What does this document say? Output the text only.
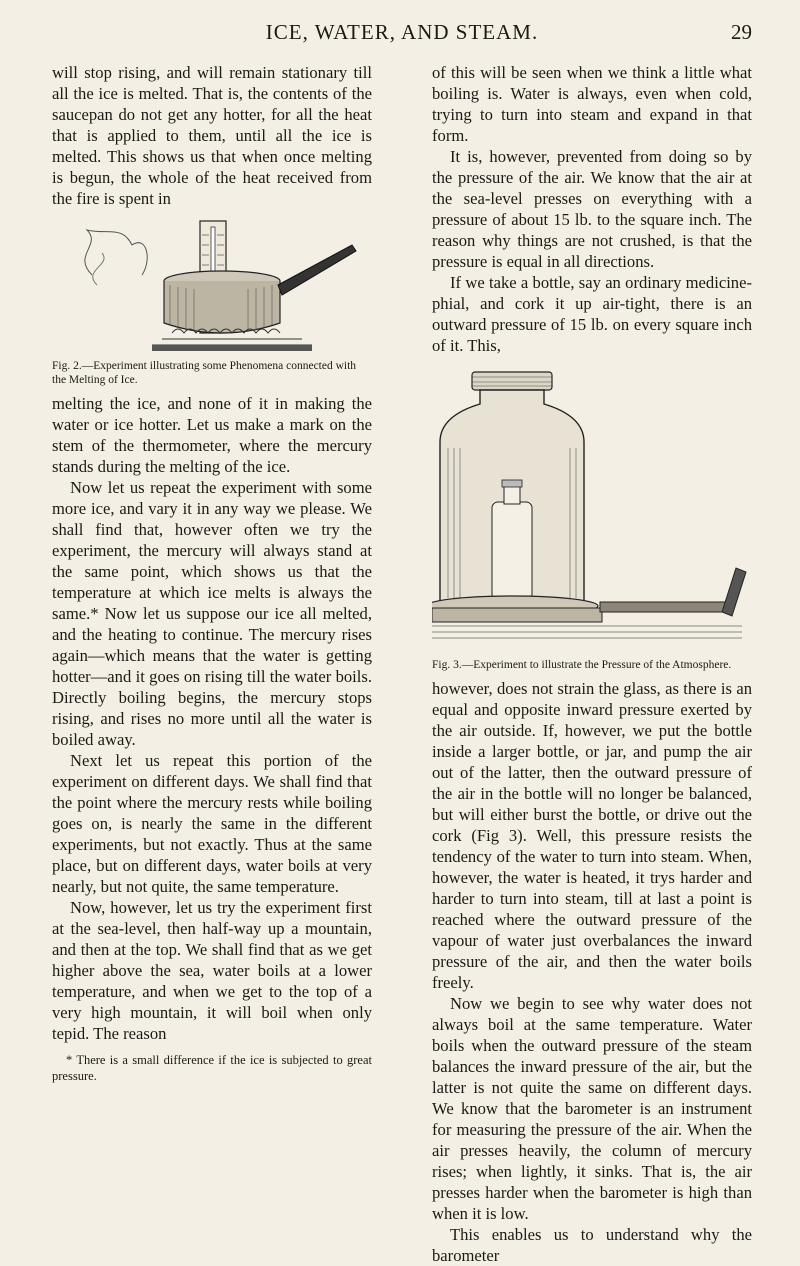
ICE, WATER, AND STEAM.	29

will stop rising, and will remain stationary till all the ice is melted. That is, the contents of the saucepan do not get any hotter, for all the heat that is applied to them, until all the ice is melted. This shows us that when once melting is begun, the whole of the heat received from the fire is spent in

Fig. 2.—Experiment illustrating some Phenomena connected with the Melting of Ice.

melting the ice, and none of it in making the water or ice hotter. Let us make a mark on the stem of the thermometer, where the mercury stands during the melting of the ice.

Now let us repeat the experiment with some more ice, and vary it in any way we please. We shall find that, however often we try the experiment, the mercury will always stand at the same point, which shows us that the temperature at which ice melts is always the same.* Now let us suppose our ice all melted, and the heating to continue. The mercury rises again—which means that the water is getting hotter—and it goes on rising till the water boils. Directly boiling begins, the mercury stops rising, and rises no more until all the water is boiled away.

Next let us repeat this portion of the experiment on different days. We shall find that the point where the mercury rests while boiling goes on, is nearly the same in the different experiments, but not exactly. Thus at the same place, but on different days, water boils at very nearly, but not quite, the same temperature.

Now, however, let us try the experiment first at the sea-level, then half-way up a mountain, and then at the top. We shall find that as we get higher above the sea, water boils at a lower temperature, and when we get to the top of a very high mountain, it will boil when only tepid. The reason

* There is a small difference if the ice is subjected to great pressure.

of this will be seen when we think a little what boiling is. Water is always, even when cold, trying to turn into steam and expand in that form.

It is, however, prevented from doing so by the pressure of the air. We know that the air at the sea-level presses on everything with a pressure of about 15 lb. to the square inch. The reason why things are not crushed, is that the pressure is equal in all directions.

If we take a bottle, say an ordinary medicine-phial, and cork it up air-tight, there is an outward pressure of 15 lb. on every square inch of it. This,

Fig. 3.—Experiment to illustrate the Pressure of the Atmosphere.

however, does not strain the glass, as there is an equal and opposite inward pressure exerted by the air outside. If, however, we put the bottle inside a larger bottle, or jar, and pump the air out of the latter, then the outward pressure of the air in the bottle will no longer be balanced, but will either burst the bottle, or drive out the cork (Fig 3). Well, this pressure resists the tendency of the water to turn into steam. When, however, the water is heated, it trys harder and harder to turn into steam, till at last a point is reached where the outward pressure of the vapour of water just overbalances the inward pressure of the air, and then the water boils freely.

Now we begin to see why water does not always boil at the same temperature. Water boils when the outward pressure of the steam balances the inward pressure of the air, but the latter is not quite the same on different days. We know that the barometer is an instrument for measuring the pressure of the air. When the air presses heavily, the column of mercury rises; when lightly, it sinks. That is, the air presses harder when the barometer is high than when it is low.

This enables us to understand why the barometer
